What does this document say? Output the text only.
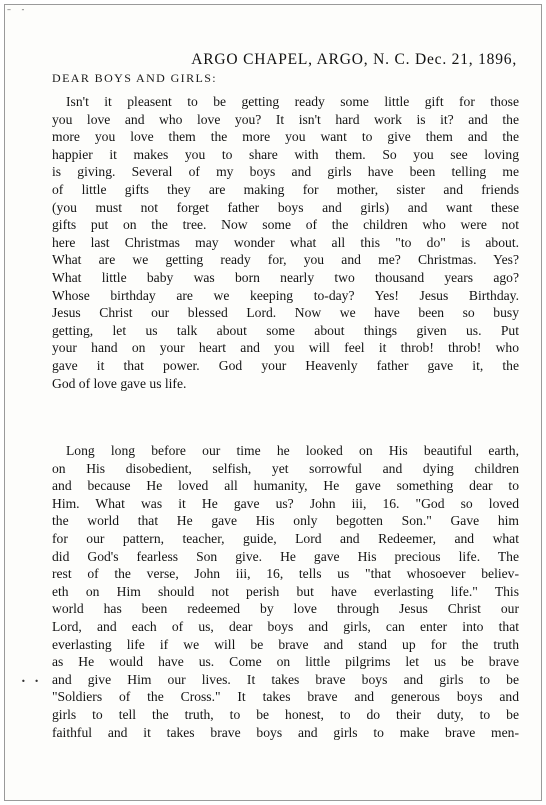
– -
ARGO CHAPEL, ARGO, N. C. Dec. 21, 1896,
DEAR BOYS AND GIRLS:
Isn't it pleasent to be getting ready some little gift for those
you love and who love you? It isn't hard work is it? and the
more you love them the more you want to give them and the
happier it makes you to share with them. So you see loving
is giving. Several of my boys and girls have been telling me
of little gifts they are making for mother, sister and friends
(you must not forget father boys and girls) and want these
gifts put on the tree. Now some of the children who were not
here last Christmas may wonder what all this "to do" is about.
What are we getting ready for, you and me? Christmas. Yes?
What little baby was born nearly two thousand years ago?
Whose birthday are we keeping to-day? Yes! Jesus Birthday.
Jesus Christ our blessed Lord. Now we have been so busy
getting, let us talk about some about things given us. Put
your hand on your heart and you will feel it throb! throb! who
gave it that power. God your Heavenly father gave it, the
God of love gave us life.
Long long before our time he looked on His beautiful earth,
on His disobedient, selfish, yet sorrowful and dying children
and because He loved all humanity, He gave something dear to
Him. What was it He gave us? John iii, 16. "God so loved
the world that He gave His only begotten Son." Gave him
for our pattern, teacher, guide, Lord and Redeemer, and what
did God's fearless Son give. He gave His precious life. The
rest of the verse, John iii, 16, tells us "that whosoever believ-
eth on Him should not perish but have everlasting life." This
world has been redeemed by love through Jesus Christ our
Lord, and each of us, dear boys and girls, can enter into that
everlasting life if we will be brave and stand up for the truth
as He would have us. Come on little pilgrims let us be brave
and give Him our lives. It takes brave boys and girls to be
"Soldiers of the Cross." It takes brave and generous boys and
girls to tell the truth, to be honest, to do their duty, to be
faithful and it takes brave boys and girls to make brave men-
• •
